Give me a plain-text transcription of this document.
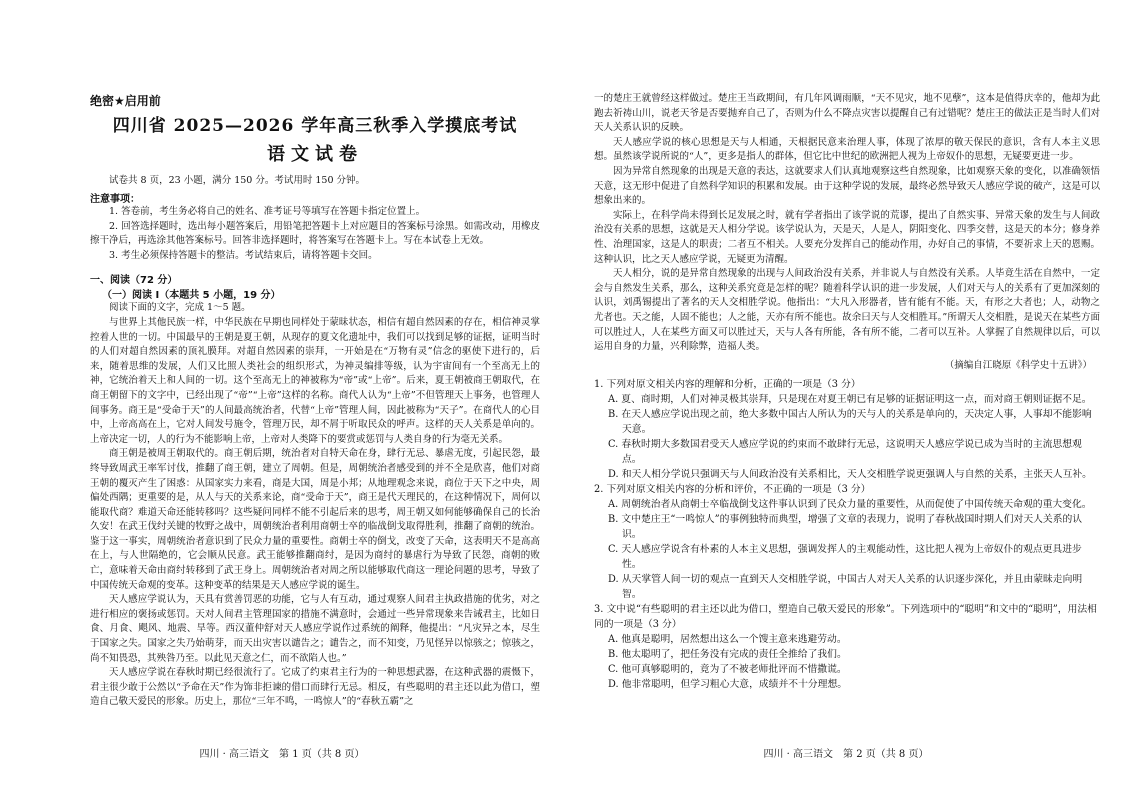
绝密★启用前
四川省 2025—2026 学年高三秋季入学摸底考试
语文试卷
试卷共 8 页，23 小题，满分 150 分。考试用时 150 分钟。
注意事项：

1. 答卷前，考生务必将自己的姓名、准考证号等填写在答题卡指定位置上。

2. 回答选择题时，选出每小题答案后，用铅笔把答题卡上对应题目的答案标号涂黑。如需改动，用橡皮擦干净后，再选涂其他答案标号。回答非选择题时，将答案写在答题卡上。写在本试卷上无效。

3. 考生必须保持答题卡的整洁。考试结束后，请将答题卡交回。

一、阅读（72 分）
（一）阅读 Ⅰ（本题共 5 小题，19 分）

阅读下面的文字，完成 1～5 题。

与世界上其他民族一样，中华民族在早期也同样处于蒙昧状态，相信有超自然因素的存在，相信神灵掌控着人世的一切。中国最早的王朝是夏王朝，从现存的夏文化遗址中，我们可以找到足够的证据，证明当时的人们对超自然因素的顶礼膜拜。对超自然因素的崇拜，一开始是在“万物有灵”信念的驱使下进行的，后来，随着思维的发展，人们又比照人类社会的组织形式，为神灵编排等级，认为宇宙间有一个至高无上的神，它统治着天上和人间的一切。这个至高无上的神被称为“帝”或“上帝”。后来，夏王朝被商王朝取代，在商王朝留下的文字中，已经出现了“帝”“上帝”这样的名称。商代人认为“上帝”不但管理天上事务，也管理人间事务。商王是“受命于天”的人间最高统治者，代替“上帝”管理人间，因此被称为“天子”。在商代人的心目中，上帝高高在上，它对人间发号施令，管理万民，却不屑于听取民众的呼声。这样的天人关系是单向的。上帝决定一切，人的行为不能影响上帝，上帝对人类降下的要赏或惩罚与人类自身的行为毫无关系。

商王朝是被周王朝取代的。商王朝后期，统治者对自特天命在身，肆行无忌、暴虐无度，引起民怨，最终导致周武王率军讨伐，推翻了商王朝，建立了周朝。但是，周朝统治者感受到的并不全是欣喜，他们对商王朝的覆灭产生了困惑：从国家实力来看，商是大国，周是小邦；从地理观念来说，商位于天下之中央，周偏处西隅；更重要的是，从人与天的关系来论，商“受命于天”，商王是代天理民的，在这种情况下，周何以能取代商？难道天命还能转移吗？这些疑问同样不能不引起后来的思考，周王朝又如何能够确保自己的长治久安！在武王伐纣关键的牧野之战中，周朝统治者利用商朝士卒的临战倒戈取得胜利，推翻了商朝的统治。鉴于这一事实，周朝统治者意识到了民众力量的重要性。商朝士卒的倒戈，改变了天命，这表明天不是高高在上，与人世隔绝的，它会顺从民意。武王能够推翻商纣，是因为商纣的暴虐行为导致了民怨，商朝的败亡，意味着天命由商纣转移到了武王身上。周朝统治者对周之所以能够取代商这一理论问题的思考，导致了中国传统天命观的变革。这种变革的结果是天人感应学说的诞生。

天人感应学说认为，天具有赏善罚恶的功能，它与人有互动，通过观察人间君主执政措施的优劣，对之进行相应的褒扬或惩罚。天对人间君主管理国家的措施不满意时，会通过一些异常现象来告诫君主，比如日食、月食、飓风、地震、旱等。西汉董仲舒对天人感应学说作过系统的阐释，他提出：“凡灾异之本，尽生于国家之失。国家之失乃始萌芽，而天出灾害以谴告之；谴告之，而不知变，乃见怪异以惊骇之；惊骇之，尚不知畏恐，其殃咎乃至。以此见天意之仁，而不欲陷人也。”

天人感应学说在春秋时期已经很流行了。它成了约束君主行为的一种思想武器，在这种武器的震慑下，君主很少敢于公然以“予命在天”作为饰非拒谏的借口而肆行无忌。相反，有些聪明的君主还以此为借口，塑造自己敬天爱民的形象。历史上，那位“三年不鸣，一鸣惊人”的“春秋五霸”之

四川 · 高三语文　第 1 页（共 8 页）

一的楚庄王就曾经这样做过。楚庄王当政期间，有几年风调雨顺，“天不见灾，地不见孽”，这本是值得庆幸的，他却为此跑去祈祷山川，说老天爷是否要抛弃自己了，否则为什么不降点灾害以提醒自己有过错呢？楚庄王的做法正是当时人们对天人关系认识的反映。

天人感应学说的核心思想是天与人相通，天根据民意来治理人事，体现了浓厚的敬天保民的意识，含有人本主义思想。虽然该学说所说的“人”，更多是指人的群体，但它比中世纪的欧洲把人视为上帝奴仆的思想，无疑要更进一步。

因为异常自然现象的出现是天意的表达，这就要求人们认真地观察这些自然现象，比如观察天象的变化，以准确领悟天意，这无形中促进了自然科学知识的积累和发展。由于这种学说的发展，最终必然导致天人感应学说的破产，这是可以想象出来的。

实际上，在科学尚未得到长足发展之时，就有学者指出了该学说的荒谬，提出了自然实事、异常天象的发生与人间政治没有关系的思想，这就是天人相分学说。该学说认为，天是天，人是人，阴阳变化、四季交替，这是天的本分；修身养性、治理国家，这是人的职责；二者互不相关。人要充分发挥自己的能动作用，办好自己的事情，不要祈求上天的恩赐。这种认识，比之天人感应学说，无疑更为清醒。

天人相分，说的是异常自然现象的出现与人间政治没有关系，并非说人与自然没有关系。人毕竟生活在自然中，一定会与自然发生关系，那么，这种关系究竟是怎样的呢？随着科学认识的进一步发展，人们对天与人的关系有了更加深刻的认识，刘禹锡提出了著名的天人交相胜学说。他指出：“大凡入形器者，皆有能有不能。天，有形之大者也；人，动物之尤者也。天之能，人固不能也；人之能，天亦有所不能也。故余曰天与人交相胜耳。”所谓天人交相胜，是说天在某些方面可以胜过人，人在某些方面又可以胜过天，天与人各有所能，各有所不能，二者可以互补。人掌握了自然规律以后，可以运用自身的力量，兴利除弊，造福人类。

（摘编自江晓原《科学史十五讲》）

1. 下列对原文相关内容的理解和分析，正确的一项是（3 分）

A. 夏、商时期，人们对神灵极其崇拜，只是现在对夏王朝已有足够的证据证明这一点，而对商王朝则证据不足。

B. 在天人感应学说出现之前，绝大多数中国古人所认为的天与人的关系是单向的，天决定人事，人事却不能影响天意。

C. 春秋时期大多数国君受天人感应学说的约束而不敢肆行无忌，这说明天人感应学说已成为当时的主流思想观点。

D. 和天人相分学说只强调天与人间政治没有关系相比，天人交相胜学说更强调人与自然的关系，主张天人互补。

2. 下列对原文相关内容的分析和评价，不正确的一项是（3 分）

A. 周朝统治者从商朝士卒临战倒戈这件事认识到了民众力量的重要性，从而促使了中国传统天命观的重大变化。

B. 文中楚庄王“一鸣惊人”的事例独特而典型，增强了文章的表现力，说明了春秋战国时期人们对天人关系的认识。

C. 天人感应学说含有朴素的人本主义思想，强调发挥人的主观能动性，这比把人视为上帝奴仆的观点更具进步性。

D. 从天掌管人间一切的观点一直到天人交相胜学说，中国古人对天人关系的认识逐步深化，并且由蒙昧走向明智。

3. 文中说“有些聪明的君主还以此为借口，塑造自己敬天爱民的形象”。下列选项中的“聪明”和文中的“聪明”，用法相同的一项是（3 分）

A. 他真是聪明，居然想出这么一个馊主意来逃避劳动。

B. 他太聪明了，把任务没有完成的责任全推给了我们。

C. 他可真够聪明的，竟为了不被老师批评而不惜撒谎。

D. 他非常聪明，但学习粗心大意，成绩并不十分理想。

四川 · 高三语文　第 2 页（共 8 页）
